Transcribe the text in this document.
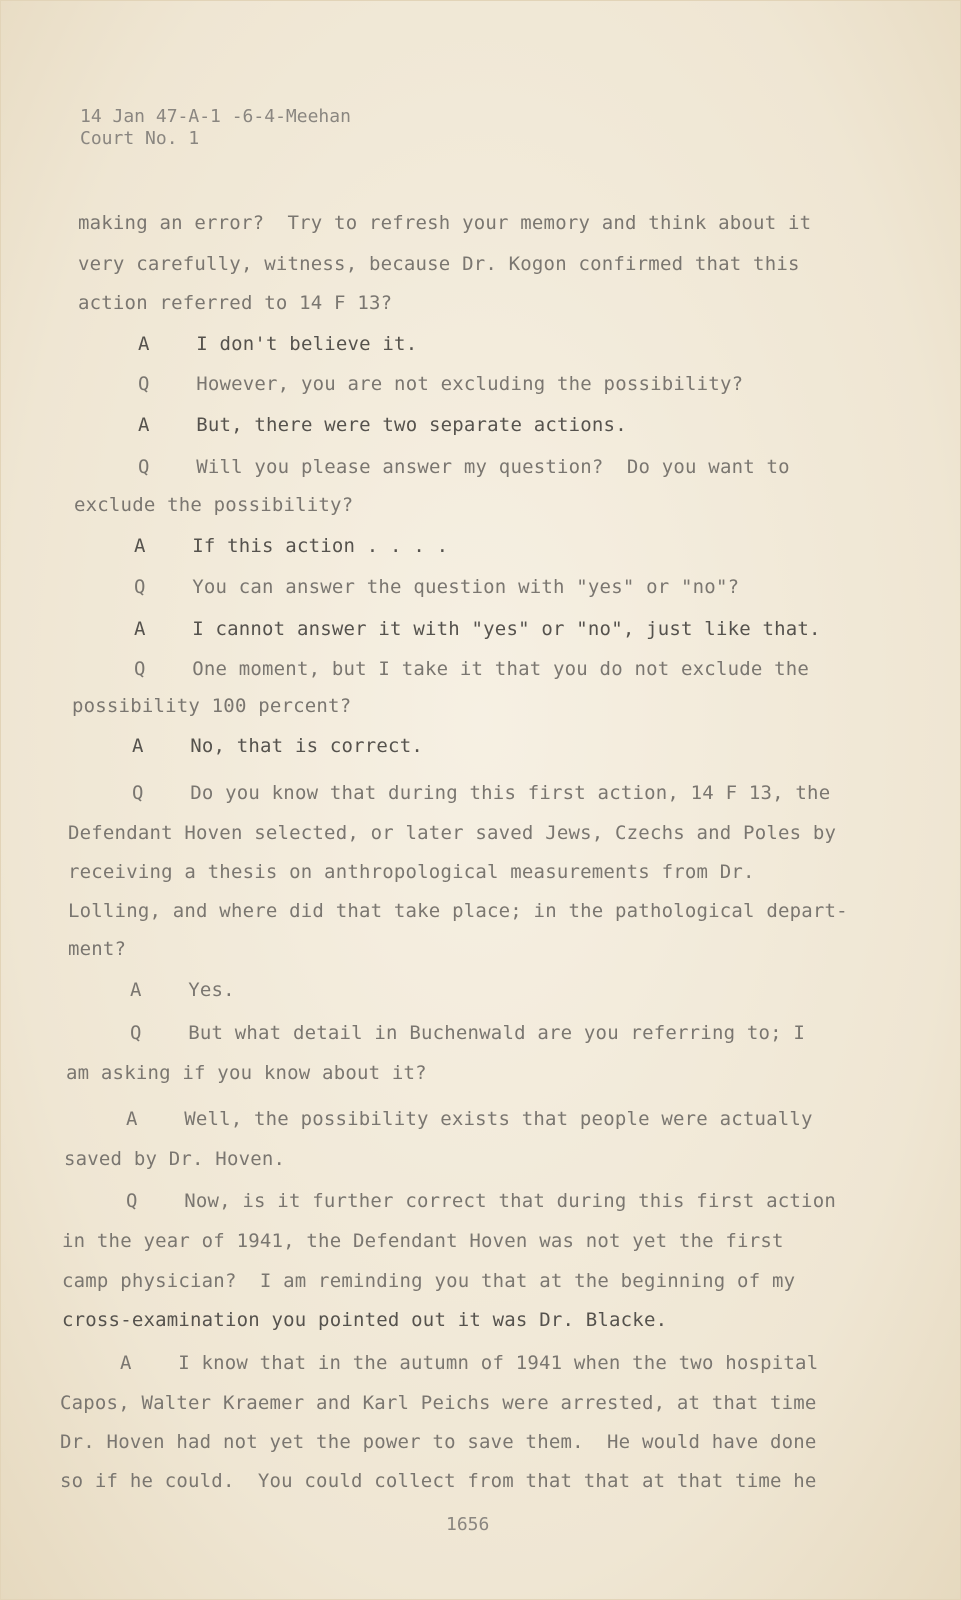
14 Jan 47-A-1 -6-4-Meehan
Court No. 1
making an error?  Try to refresh your memory and think about it
very carefully, witness, because Dr. Kogon confirmed that this
action referred to 14 F 13?
A    I don't believe it.
Q    However, you are not excluding the possibility?
A    But, there were two separate actions.
Q    Will you please answer my question?  Do you want to
exclude the possibility?
A    If this action . . . .
Q    You can answer the question with "yes" or "no"?
A    I cannot answer it with "yes" or "no", just like that.
Q    One moment, but I take it that you do not exclude the
possibility 100 percent?
A    No, that is correct.
Q    Do you know that during this first action, 14 F 13, the
Defendant Hoven selected, or later saved Jews, Czechs and Poles by
receiving a thesis on anthropological measurements from Dr.
Lolling, and where did that take place; in the pathological depart-
ment?
A    Yes.
Q    But what detail in Buchenwald are you referring to; I
am asking if you know about it?
A    Well, the possibility exists that people were actually
saved by Dr. Hoven.
Q    Now, is it further correct that during this first action
in the year of 1941, the Defendant Hoven was not yet the first
camp physician?  I am reminding you that at the beginning of my
cross-examination you pointed out it was Dr. Blacke.
A    I know that in the autumn of 1941 when the two hospital
Capos, Walter Kraemer and Karl Peichs were arrested, at that time
Dr. Hoven had not yet the power to save them.  He would have done
so if he could.  You could collect from that that at that time he
1656
